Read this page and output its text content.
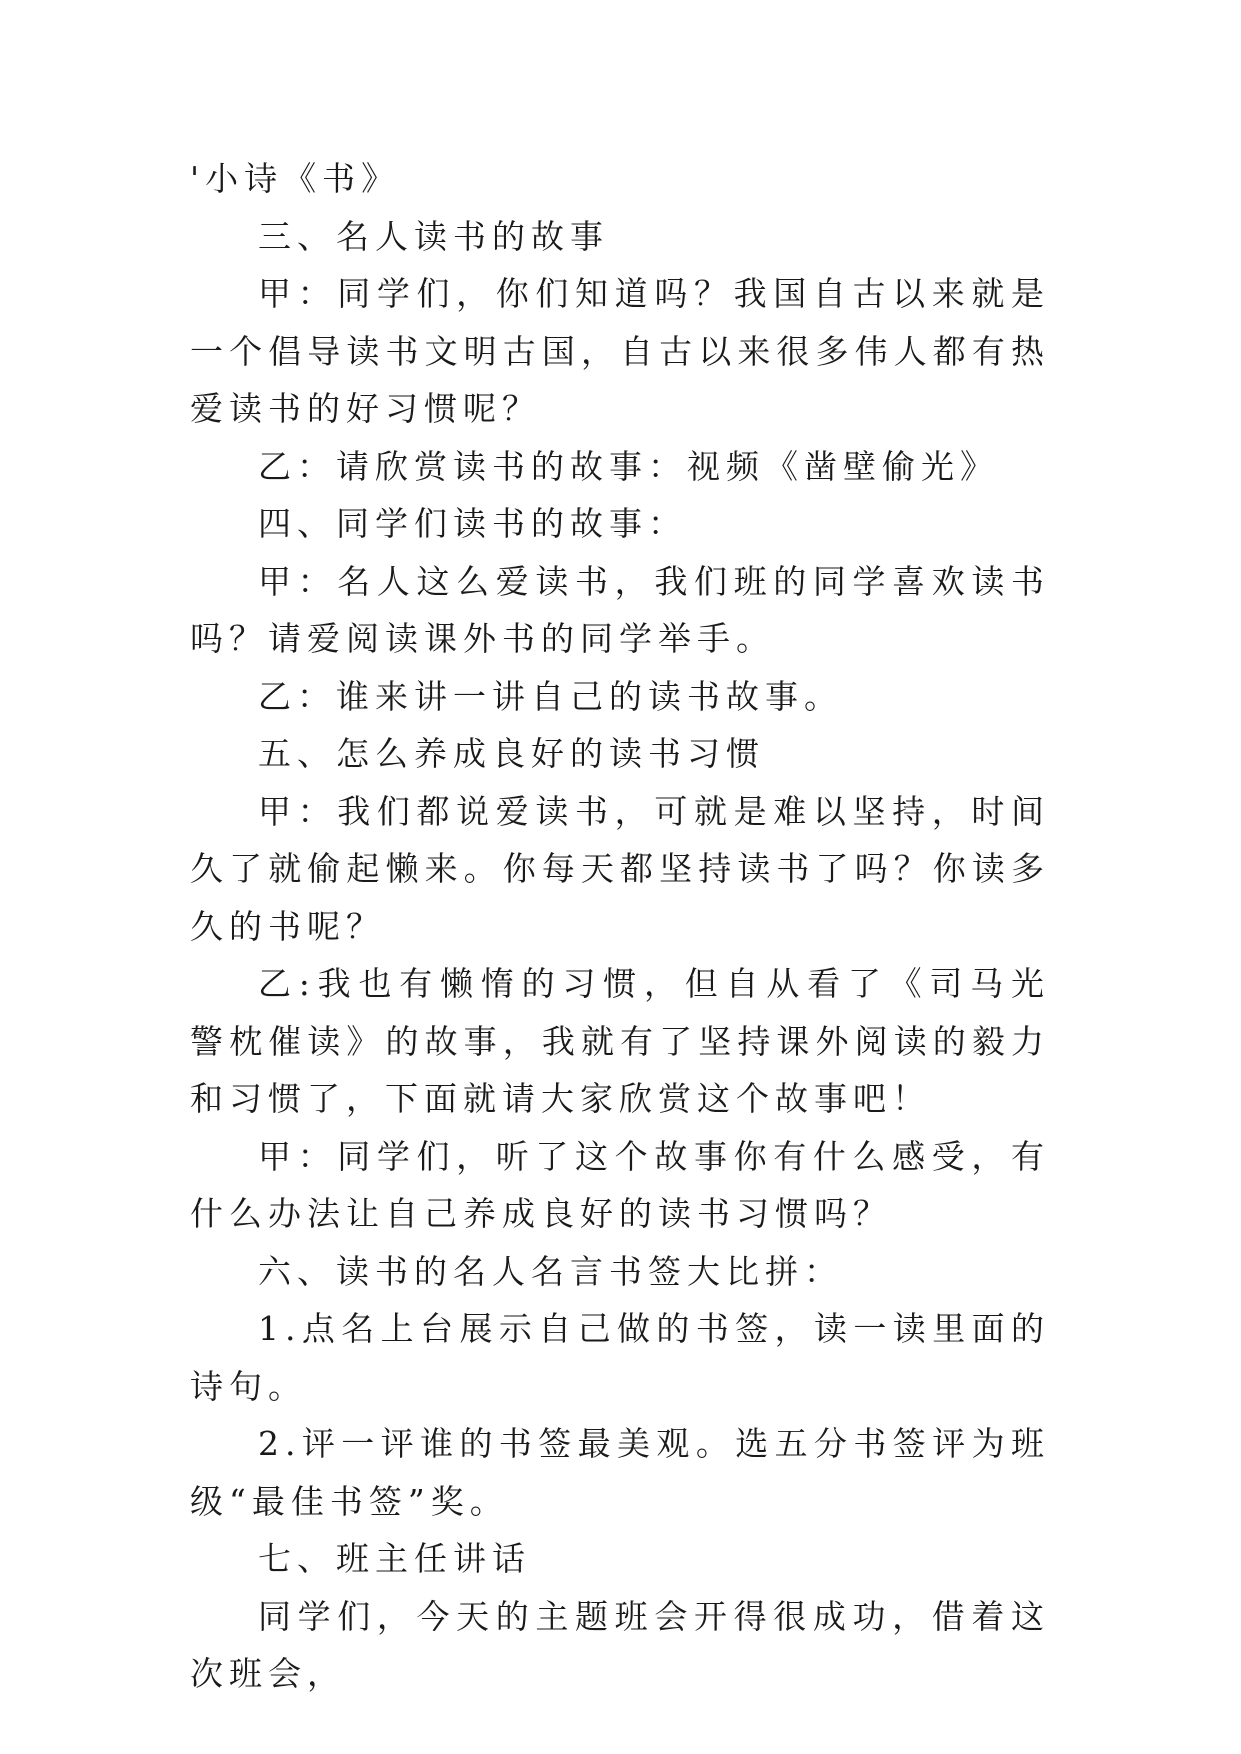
'小诗《书》

三、名人读书的故事

甲：同学们，你们知道吗？我国自古以来就是一个倡导读书文明古国，自古以来很多伟人都有热爱读书的好习惯呢？

乙：请欣赏读书的故事：视频《凿壁偷光》

四、同学们读书的故事：

甲：名人这么爱读书，我们班的同学喜欢读书吗？请爱阅读课外书的同学举手。

乙：谁来讲一讲自己的读书故事。

五、怎么养成良好的读书习惯

甲：我们都说爱读书，可就是难以坚持，时间久了就偷起懒来。你每天都坚持读书了吗？你读多久的书呢？

乙:我也有懒惰的习惯，但自从看了《司马光警枕催读》的故事，我就有了坚持课外阅读的毅力和习惯了，下面就请大家欣赏这个故事吧！

甲：同学们，听了这个故事你有什么感受，有什么办法让自己养成良好的读书习惯吗？

六、读书的名人名言书签大比拼：

1.点名上台展示自己做的书签，读一读里面的诗句。

2.评一评谁的书签最美观。选五分书签评为班级“最佳书签”奖。

七、班主任讲话

同学们，今天的主题班会开得很成功，借着这次班会，
